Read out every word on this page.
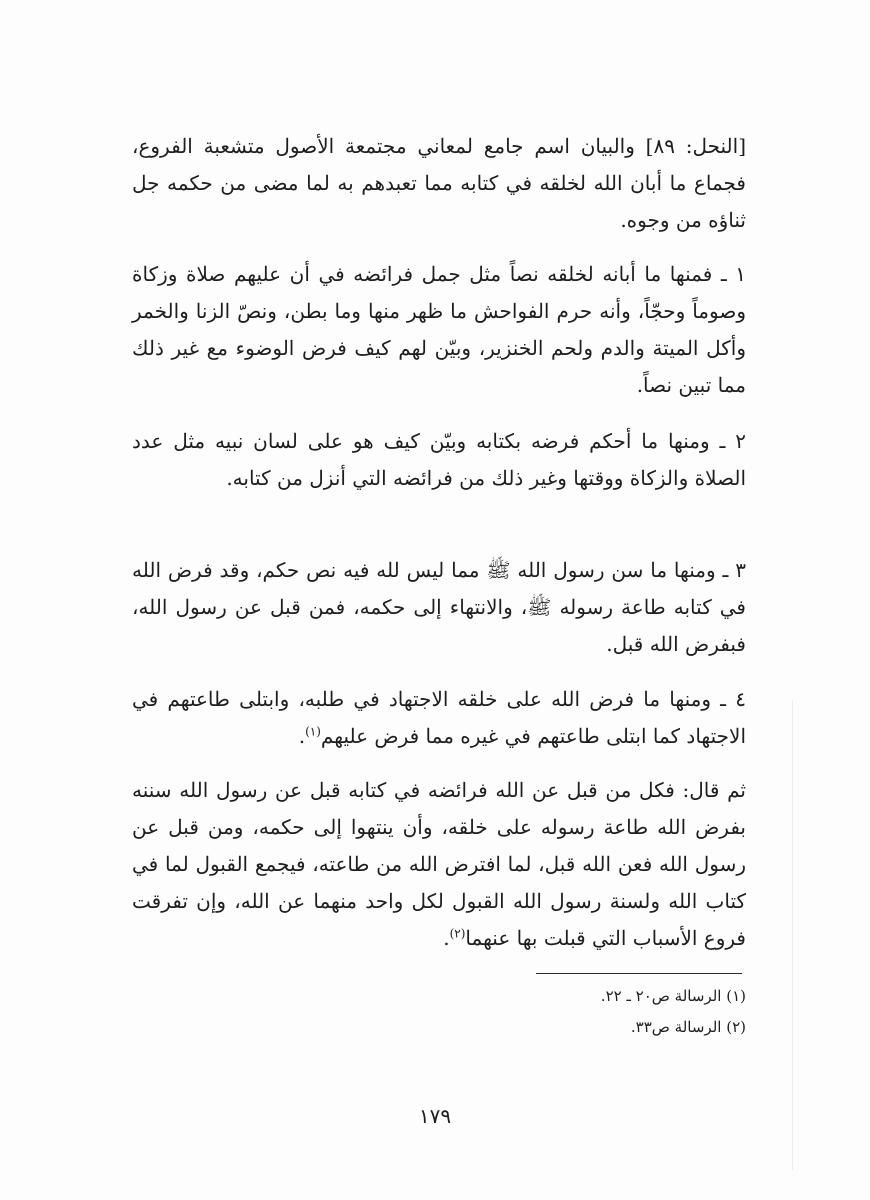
[النحل: ٨٩] والبيان اسم جامع لمعاني مجتمعة الأصول متشعبة الفروع، فجماع ما أبان الله لخلقه في كتابه مما تعبدهم به لما مضى من حكمه جل ثناؤه من وجوه.

١ ـ فمنها ما أبانه لخلقه نصاً مثل جمل فرائضه في أن عليهم صلاة وزكاة وصوماً وحجّاً، وأنه حرم الفواحش ما ظهر منها وما بطن، ونصّ الزنا والخمر وأكل الميتة والدم ولحم الخنزير، وبيّن لهم كيف فرض الوضوء مع غير ذلك مما تبين نصاً.

٢ ـ ومنها ما أحكم فرضه بكتابه وبيّن كيف هو على لسان نبيه مثل عدد الصلاة والزكاة ووقتها وغير ذلك من فرائضه التي أنزل من كتابه.

٣ ـ ومنها ما سن رسول الله ﷺ مما ليس لله فيه نص حكم، وقد فرض الله في كتابه طاعة رسوله ﷺ، والانتهاء إلى حكمه، فمن قبل عن رسول الله، فبفرض الله قبل.

٤ ـ ومنها ما فرض الله على خلقه الاجتهاد في طلبه، وابتلى طاعتهم في الاجتهاد كما ابتلى طاعتهم في غيره مما فرض عليهم$^{(١)}$.

ثم قال: فكل من قبل عن الله فرائضه في كتابه قبل عن رسول الله سننه بفرض الله طاعة رسوله على خلقه، وأن ينتهوا إلى حكمه، ومن قبل عن رسول الله فعن الله قبل، لما افترض الله من طاعته، فيجمع القبول لما في كتاب الله ولسنة رسول الله القبول لكل واحد منهما عن الله، وإن تفرقت فروع الأسباب التي قبلت بها عنهما$^{(٢)}$.

(١) الرسالة ص٢٠ ـ ٢٢.
(٢) الرسالة ص٣٣.
١٧٩
